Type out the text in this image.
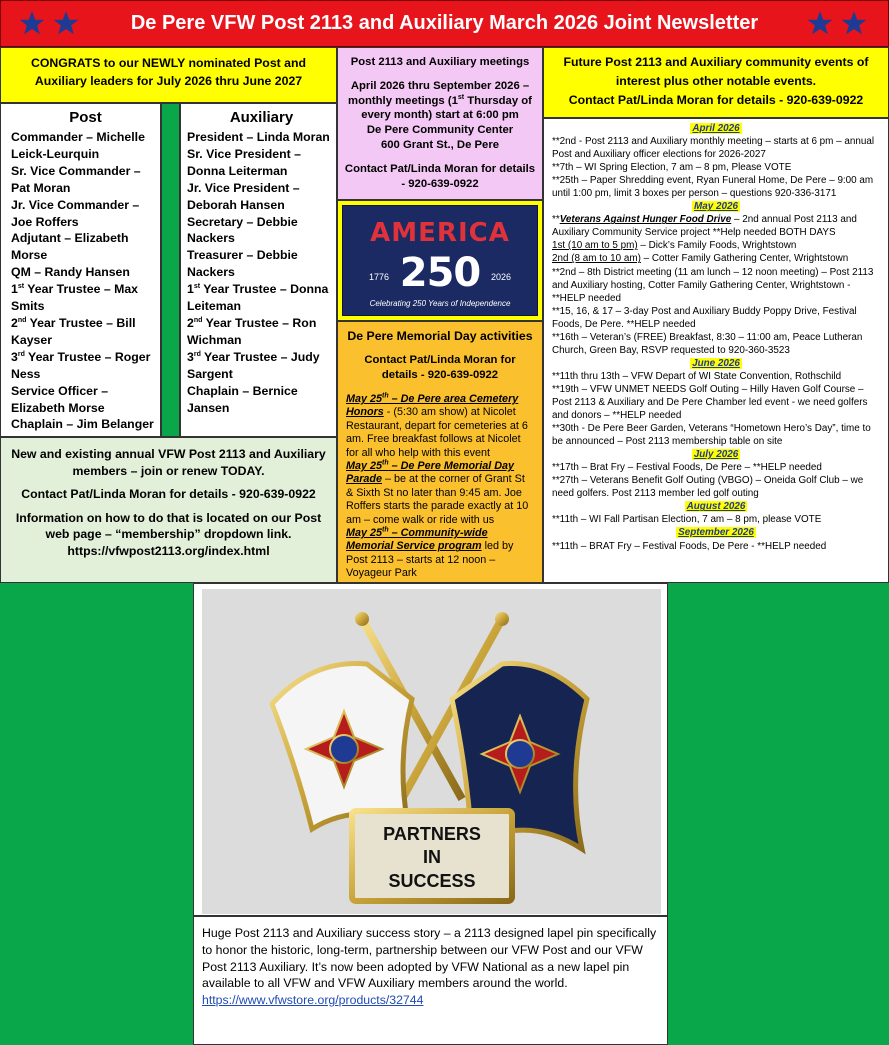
De Pere VFW Post 2113 and Auxiliary March 2026 Joint Newsletter
CONGRATS to our NEWLY nominated Post and Auxiliary leaders for July 2026 thru June 2027
Post
Commander – Michelle Leick-Leurquin
Sr. Vice Commander – Pat Moran
Jr. Vice Commander – Joe Roffers
Adjutant – Elizabeth Morse
QM – Randy Hansen
1st Year Trustee – Max Smits
2nd Year Trustee – Bill Kayser
3rd Year Trustee – Roger Ness
Service Officer – Elizabeth Morse
Chaplain – Jim Belanger
Auxiliary
President – Linda Moran
Sr. Vice President – Donna Leiterman
Jr. Vice President – Deborah Hansen
Secretary – Debbie Nackers
Treasurer – Debbie Nackers
1st Year Trustee – Donna Leiteman
2nd Year Trustee – Ron Wichman
3rd Year Trustee – Judy Sargent
Chaplain – Bernice Jansen

New and existing annual VFW Post 2113 and Auxiliary members – join or renew TODAY.

Contact Pat/Linda Moran for details - 920-639-0922

Information on how to do that is located on our Post web page – “membership” dropdown link. https://vfwpost2113.org/index.html

Post 2113 and Auxiliary meetings

April 2026 thru September 2026 – monthly meetings (1st Thursday of every month) start at 6:00 pm
De Pere Community Center
600 Grant St., De Pere

Contact Pat/Linda Moran for details - 920-639-0922

AMERICA
250
1776	2026
Celebrating 250 Years of Independence
De Pere Memorial Day activities
Contact Pat/Linda Moran for details - 920-639-0922
May 25th – De Pere area Cemetery Honors - (5:30 am show) at Nicolet Restaurant, depart for cemeteries at 6 am. Free breakfast follows at Nicolet for all who help with this event
May 25th – De Pere Memorial Day Parade – be at the corner of Grant St & Sixth St no later than 9:45 am. Joe Roffers starts the parade exactly at 10 am – come walk or ride with us
May 25th – Community-wide Memorial Service program led by Post 2113 – starts at 12 noon – Voyageur Park
Future Post 2113 and Auxiliary community events of interest plus other notable events.
Contact Pat/Linda Moran for details - 920-639-0922
April 2026
**2nd - Post 2113 and Auxiliary monthly meeting – starts at 6 pm – annual Post and Auxiliary officer elections for 2026-2027
**7th – WI Spring Election, 7 am – 8 pm, Please VOTE
**25th – Paper Shredding event, Ryan Funeral Home, De Pere – 9:00 am until 1:00 pm, limit 3 boxes per person – questions 920-336-3171
May 2026
**Veterans Against Hunger Food Drive – 2nd annual Post 2113 and Auxiliary Community Service project **Help needed BOTH DAYS
1st (10 am to 5 pm) – Dick’s Family Foods, Wrightstown
2nd (8 am to 10 am) – Cotter Family Gathering Center, Wrightstown
**2nd – 8th District meeting (11 am lunch – 12 noon meeting) – Post 2113 and Auxiliary hosting, Cotter Family Gathering Center, Wrightstown - **HELP needed
**15, 16, & 17 – 3-day Post and Auxiliary Buddy Poppy Drive, Festival Foods, De Pere. **HELP needed
**16th – Veteran’s (FREE) Breakfast, 8:30 – 11:00 am, Peace Lutheran Church, Green Bay, RSVP requested to 920-360-3523
June 2026
**11th thru 13th – VFW Depart of WI State Convention, Rothschild
**19th – VFW UNMET NEEDS Golf Outing – Hilly Haven Golf Course – Post 2113 & Auxiliary and De Pere Chamber led event - we need golfers and donors – **HELP needed
**30th - De Pere Beer Garden, Veterans “Hometown Hero’s Day”, time to be announced – Post 2113 membership table on site
July 2026
**17th – Brat Fry – Festival Foods, De Pere – **HELP needed
**27th – Veterans Benefit Golf Outing (VBGO) – Oneida Golf Club – we need golfers. Post 2113 member led golf outing
August 2026
**11th – WI Fall Partisan Election, 7 am – 8 pm, please VOTE
September 2026
**11th – BRAT Fry – Festival Foods, De Pere - **HELP needed
PARTNERS
IN
SUCCESS
Huge Post 2113 and Auxiliary success story – a 2113 designed lapel pin specifically to honor the historic, long-term, partnership between our VFW Post and our VFW Post 2113 Auxiliary. It’s now been adopted by VFW National as a new lapel pin available to all VFW and VFW Auxiliary members around the world.
https://www.vfwstore.org/products/32744
